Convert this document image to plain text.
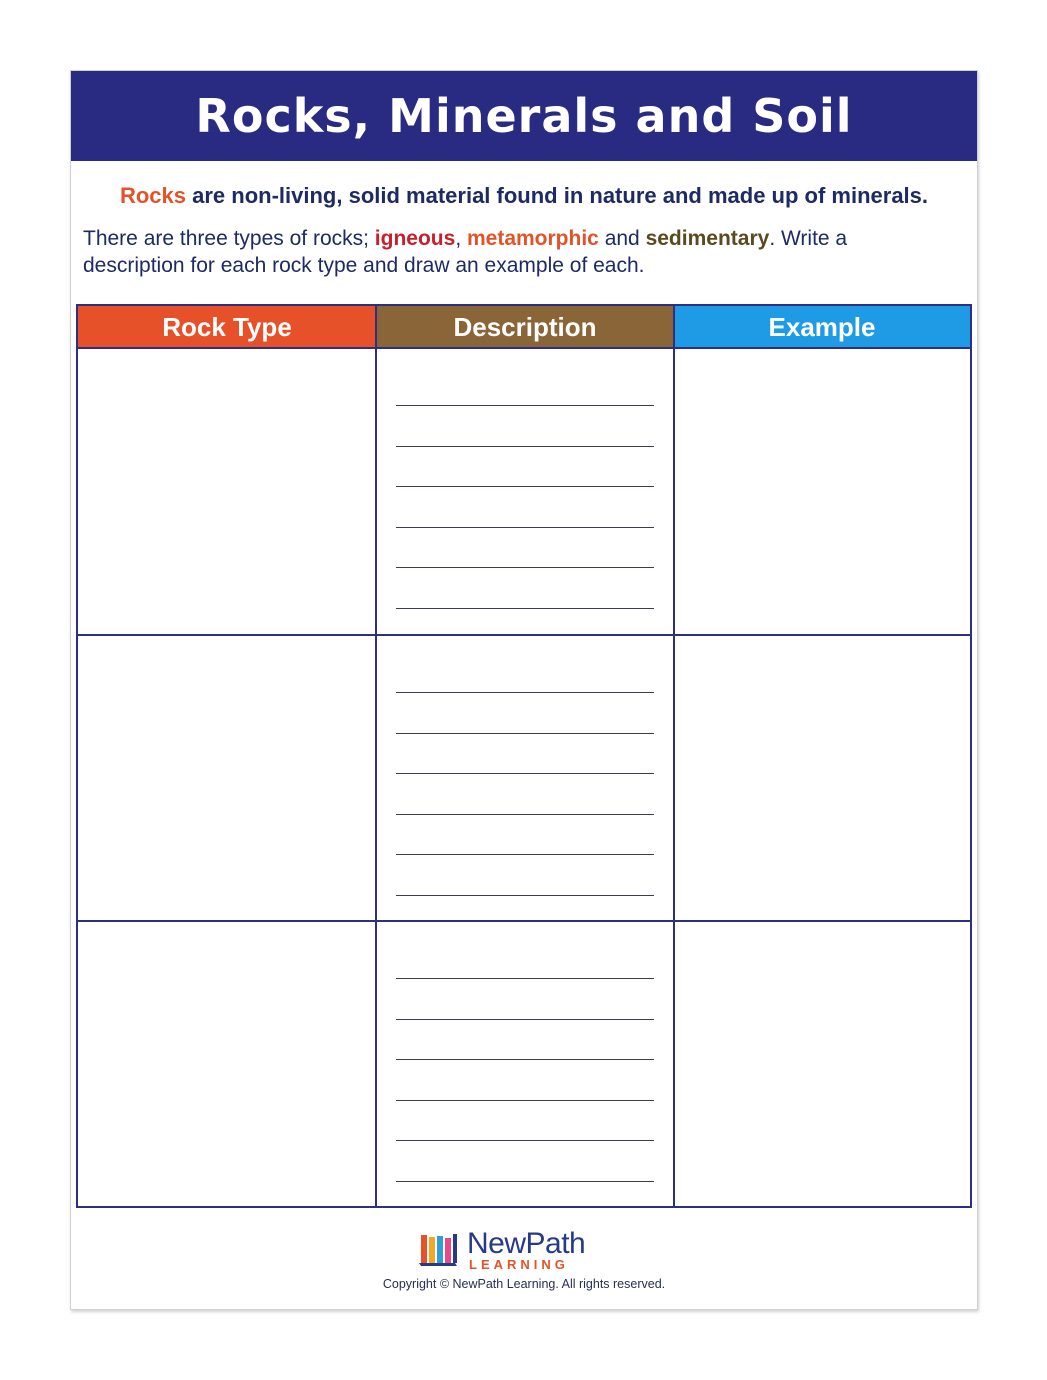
Rocks, Minerals and Soil
Rocks are non-living, solid material found in nature and made up of minerals.
There are three types of rocks; igneous, metamorphic and sedimentary. Write a description for each rock type and draw an example of each.
Rock Type	Description	Example
NewPath
LEARNING
Copyright © NewPath Learning. All rights reserved.
